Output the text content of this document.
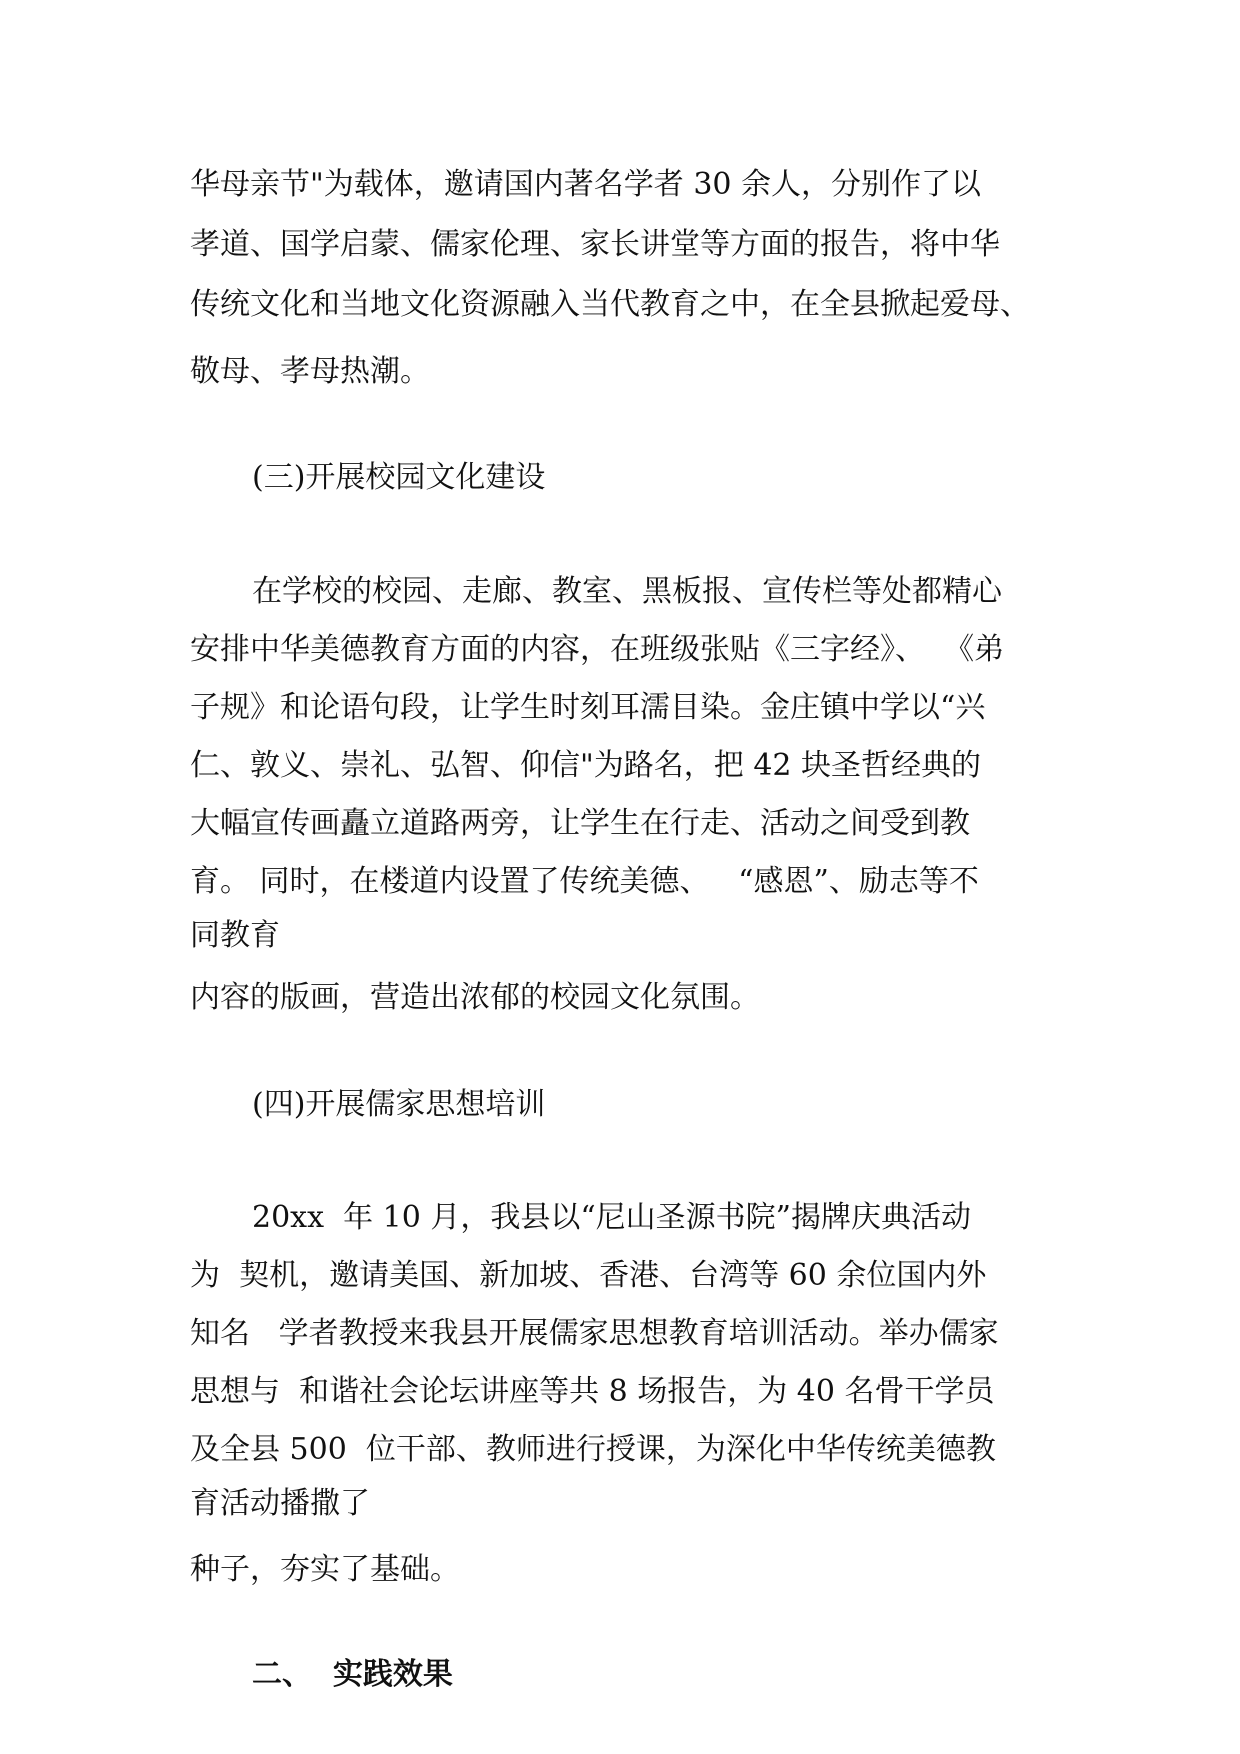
华母亲节"为载体，邀请国内著名学者 30 余人，分别作了以
孝道、国学启蒙、儒家伦理、家长讲堂等方面的报告，将中华
传统文化和当地文化资源融入当代教育之中，在全县掀起爱母、
敬母、孝母热潮。
(三)开展校园文化建设
在学校的校园、走廊、教室、黑板报、宣传栏等处都精心
安排中华美德教育方面的内容，在班级张贴《三字经》、  《弟
子规》和论语句段，让学生时刻耳濡目染。金庄镇中学以“兴
仁、敦义、崇礼、弘智、仰信"为路名，把 42 块圣哲经典的
大幅宣传画矗立道路两旁，让学生在行走、活动之间受到教
育。 同时，在楼道内设置了传统美德、   “感恩”、励志等不
同教育
内容的版画，营造出浓郁的校园文化氛围。
(四)开展儒家思想培训
20xx  年 10 月，我县以“尼山圣源书院”揭牌庆典活动
为  契机，邀请美国、新加坡、香港、台湾等 60 余位国内外
知名   学者教授来我县开展儒家思想教育培训活动。举办儒家
思想与  和谐社会论坛讲座等共 8 场报告，为 40 名骨干学员
及全县 500  位干部、教师进行授课，为深化中华传统美德教
育活动播撒了
种子，夯实了基础。
二、  实践效果
